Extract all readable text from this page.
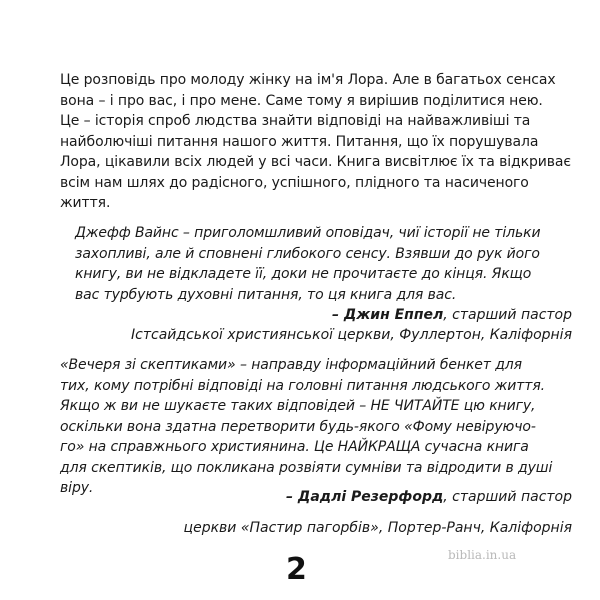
Це розповідь про молоду жінку на ім'я Лора. Але в багатьох сенсах
вона – і про вас, і про мене. Саме тому я вирішив поділитися нею.
Це – історія спроб людства знайти відповіді на найважливіші та
найболючіші питання нашого життя. Питання, що їх порушувала
Лора, цікавили всіх людей у всі часи. Книга висвітлює їх та відкриває
всім нам шлях до радісного, успішного, плідного та насиченого
життя.
Джефф Вайнс – приголомшливий оповідач, чиї історії не тільки
захопливі, але й сповнені глибокого сенсу. Взявши до рук його
книгу, ви не відкладете її, доки не прочитаєте до кінця. Якщо
вас турбують духовні питання, то ця книга для вас.
– Джин Еппел, старший пастор
Істсайдської християнської церкви, Фуллертон, Каліфорнія
«Вечеря зі скептиками» – направду інформаційний бенкет для
тих, кому потрібні відповіді на головні питання людського життя.
Якщо ж ви не шукаєте таких відповідей – НЕ ЧИТАЙТЕ цю книгу,
оскільки вона здатна перетворити будь-якого «Фому невіруючо-
го» на справжнього християнина. Це НАЙКРАЩА сучасна книга
для скептиків, що покликана розвіяти сумніви та відродити в душі
віру.
– Дадлі Резерфорд, старший пастор
церкви «Пастир пагорбів», Портер-Ранч, Каліфорнія
biblia.in.ua
2
